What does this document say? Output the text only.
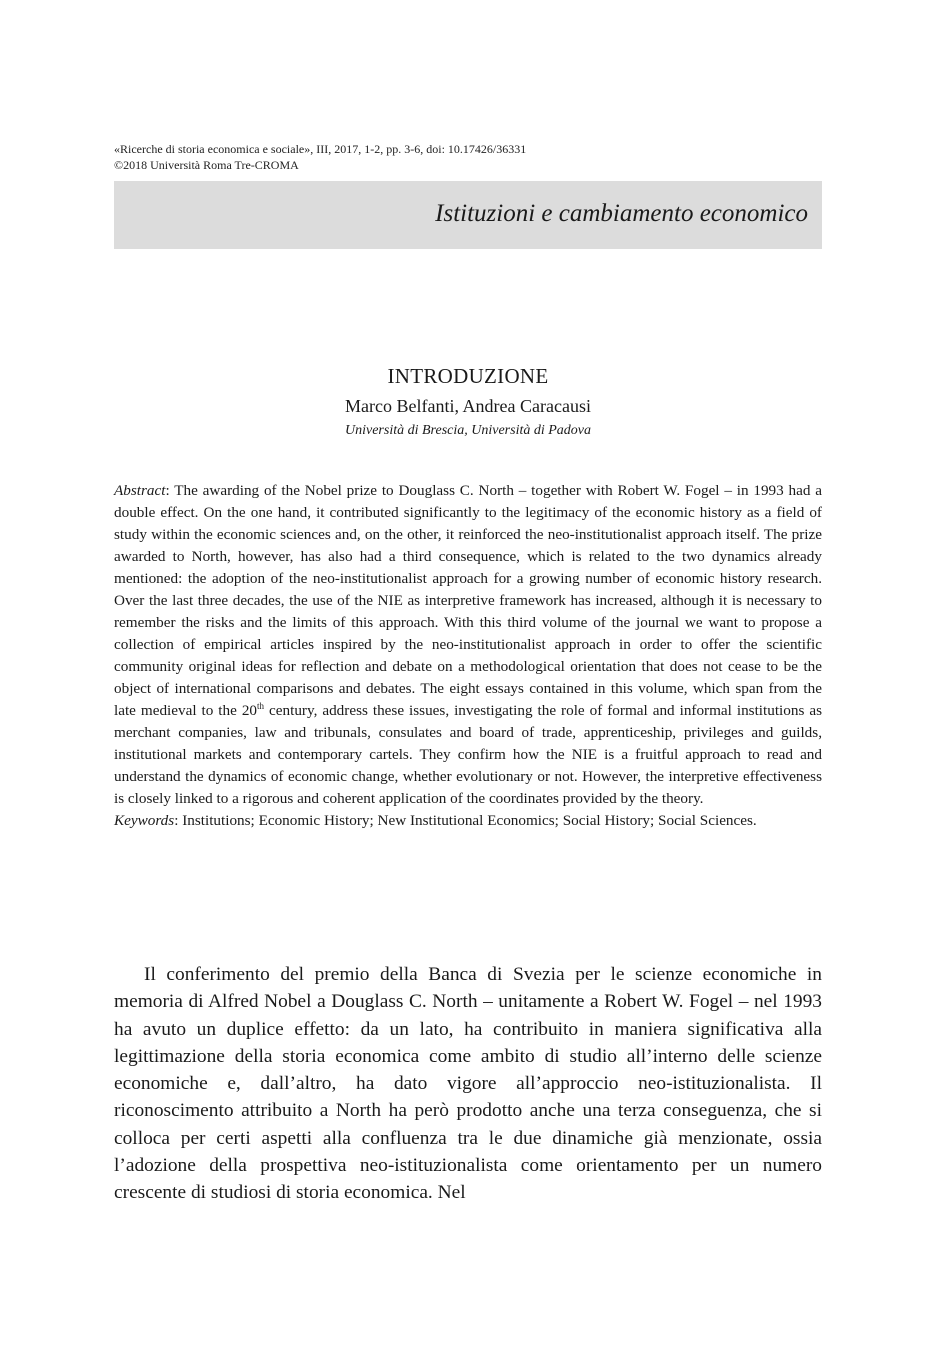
«Ricerche di storia economica e sociale», III, 2017, 1-2, pp. 3-6, doi: 10.17426/36331
©2018 Università Roma Tre-CROMA
Istituzioni e cambiamento economico
INTRODUZIONE
Marco Belfanti, Andrea Caracausi
Università di Brescia, Università di Padova

Abstract: The awarding of the Nobel prize to Douglass C. North – together with Robert W. Fogel – in 1993 had a double effect. On the one hand, it contributed significantly to the legitimacy of the economic history as a field of study within the economic sciences and, on the other, it reinforced the neo-institutionalist approach itself. The prize awarded to North, however, has also had a third consequence, which is related to the two dynamics already mentioned: the adoption of the neo-institutionalist approach for a growing number of economic history research. Over the last three decades, the use of the NIE as interpretive framework has increased, although it is necessary to remember the risks and the limits of this approach. With this third volume of the journal we want to propose a collection of empirical articles inspired by the neo-institutionalist approach in order to offer the scientific community original ideas for reflection and debate on a methodological orientation that does not cease to be the object of international comparisons and debates. The eight essays contained in this volume, which span from the late medieval to the 20th century, address these issues, investigating the role of formal and informal institutions as merchant companies, law and tribunals, consulates and board of trade, apprenticeship, privileges and guilds, institutional markets and contemporary cartels. They confirm how the NIE is a fruitful approach to read and understand the dynamics of economic change, whether evolutionary or not. However, the interpretive effectiveness is closely linked to a rigorous and coherent application of the coordinates provided by the theory.

Keywords: Institutions; Economic History; New Institutional Economics; Social History; Social Sciences.

Il conferimento del premio della Banca di Svezia per le scienze economiche in memoria di Alfred Nobel a Douglass C. North – unitamente a Robert W. Fogel – nel 1993 ha avuto un duplice effetto: da un lato, ha contribuito in maniera significativa alla legittimazione della storia economica come ambito di studio all’interno delle scienze economiche e, dall’altro, ha dato vigore all’approccio neo-istituzionalista. Il riconoscimento attribuito a North ha però prodotto anche una terza conseguenza, che si colloca per certi aspetti alla confluenza tra le due dinamiche già menzionate, ossia l’adozione della prospettiva neo-istituzionalista come orientamento per un numero crescente di studiosi di storia economica. Nel
